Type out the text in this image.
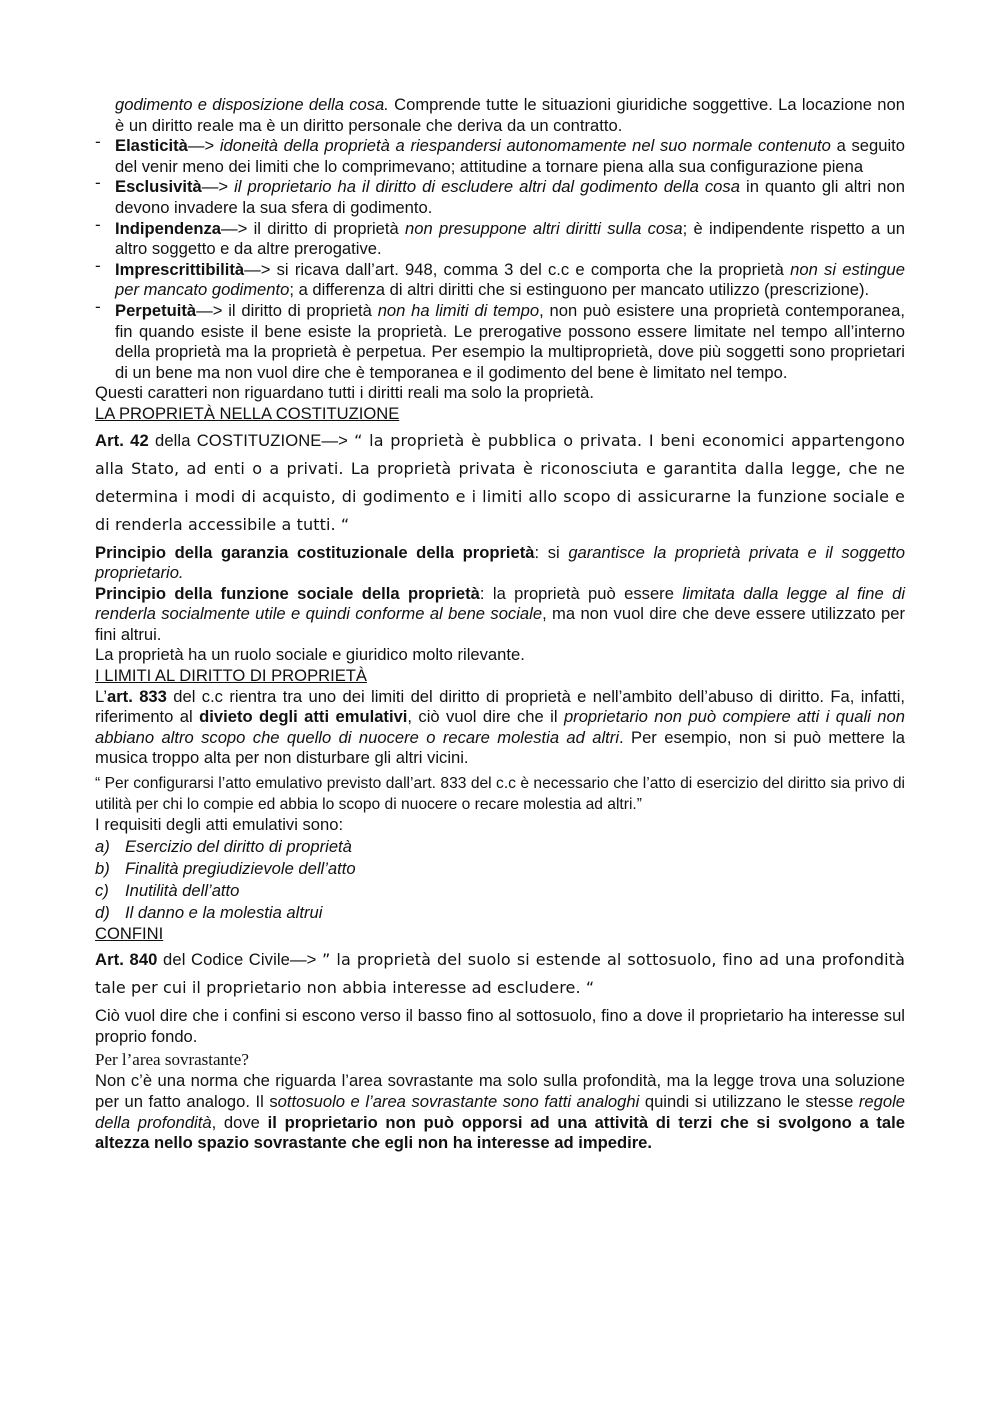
godimento e disposizione della cosa. Comprende tutte le situazioni giuridiche soggettive. La locazione non è un diritto reale ma è un diritto personale che deriva da un contratto.

- Elasticità—> idoneità della proprietà a riespandersi autonomamente nel suo normale contenuto a seguito del venir meno dei limiti che lo comprimevano; attitudine a tornare piena alla sua configurazione piena
- Esclusività—> il proprietario ha il diritto di escludere altri dal godimento della cosa in quanto gli altri non devono invadere la sua sfera di godimento.
- Indipendenza—> il diritto di proprietà non presuppone altri diritti sulla cosa; è indipendente rispetto a un altro soggetto e da altre prerogative.
- Imprescrittibilità—> si ricava dall’art. 948, comma 3 del c.c e comporta che la proprietà non si estingue per mancato godimento; a differenza di altri diritti che si estinguono per mancato utilizzo (prescrizione).
- Perpetuità—> il diritto di proprietà non ha limiti di tempo, non può esistere una proprietà contemporanea, fin quando esiste il bene esiste la proprietà. Le prerogative possono essere limitate nel tempo all’interno della proprietà ma la proprietà è perpetua. Per esempio la multiproprietà, dove più soggetti sono proprietari di un bene ma non vuol dire che è temporanea e il godimento del bene è limitato nel tempo.

Questi caratteri non riguardano tutti i diritti reali ma solo la proprietà.

LA PROPRIETÀ NELLA COSTITUZIONE

Art. 42 della COSTITUZIONE—> “ la proprietà è pubblica o privata. I beni economici appartengono alla Stato, ad enti o a privati. La proprietà privata è riconosciuta e garantita dalla legge, che ne determina i modi di acquisto, di godimento e i limiti allo scopo di assicurarne la funzione sociale e di renderla accessibile a tutti. “

Principio della garanzia costituzionale della proprietà: si garantisce la proprietà privata e il soggetto proprietario.

Principio della funzione sociale della proprietà: la proprietà può essere limitata dalla legge al fine di renderla socialmente utile e quindi conforme al bene sociale, ma non vuol dire che deve essere utilizzato per fini altrui.

La proprietà ha un ruolo sociale e giuridico molto rilevante.

I LIMITI AL DIRITTO DI PROPRIETÀ

L’art. 833 del c.c rientra tra uno dei limiti del diritto di proprietà e nell’ambito dell’abuso di diritto. Fa, infatti, riferimento al divieto degli atti emulativi, ciò vuol dire che il proprietario non può compiere atti i quali non abbiano altro scopo che quello di nuocere o recare molestia ad altri. Per esempio, non si può mettere la musica troppo alta per non disturbare gli altri vicini.

“ Per configurarsi l’atto emulativo previsto dall’art. 833 del c.c è necessario che l’atto di esercizio del diritto sia privo di utilità per chi lo compie ed abbia lo scopo di nuocere o recare molestia ad altri.”

I requisiti degli atti emulativi sono:

a) Esercizio del diritto di proprietà
b) Finalità pregiudizievole dell’atto
c) Inutilità dell’atto
d) Il danno e la molestia altrui

CONFINI

Art. 840 del Codice Civile—> ” la proprietà del suolo si estende al sottosuolo, fino ad una profondità tale per cui il proprietario non abbia interesse ad escludere. “

Ciò vuol dire che i confini si escono verso il basso fino al sottosuolo, fino a dove il proprietario ha interesse sul proprio fondo.

Per l’area sovrastante?

Non c’è una norma che riguarda l’area sovrastante ma solo sulla profondità, ma la legge trova una soluzione per un fatto analogo. Il sottosuolo e l’area sovrastante sono fatti analoghi quindi si utilizzano le stesse regole della profondità, dove il proprietario non può opporsi ad una attività di terzi che si svolgono a tale altezza nello spazio sovrastante che egli non ha interesse ad impedire.
